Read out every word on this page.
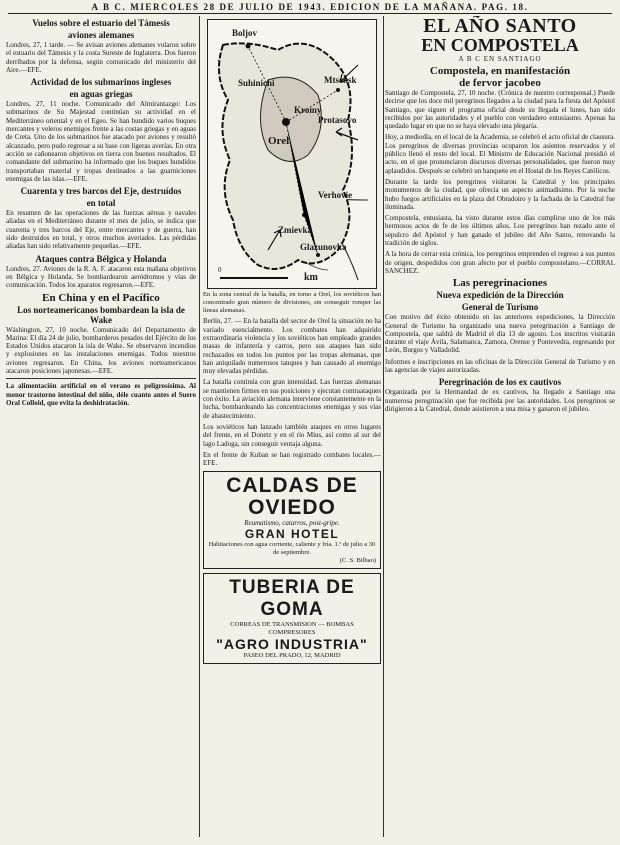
A B C. MIERCOLES 28 DE JULIO DE 1943. EDICION DE LA MAÑANA. PAG. 18.
Vuelos sobre el estuario del Támesis
aviones alemanes

Londres, 27, 1 tarde. — Se avisan aviones alemanes volaron sobre el estuario del Támesis y la costa Sureste de Inglaterra. Dos fueron derribados por la defensa, según comunicado del ministerio del Aire.—EFE.

Actividad de los submarinos ingleses
en aguas griegas

Londres, 27, 11 noche. Comunicado del Almirantazgo: Los submarinos de Su Majestad continúan su actividad en el Mediterráneo oriental y en el Egeo. Se han hundido varios buques mercantes y veleros enemigos frente a las costas griegas y en aguas de Creta. Uno de los submarinos fue atacado por aviones y resultó alcanzado, pero pudo regresar a su base con ligeras averías. En otra acción se cañonearon objetivos en tierra con buenos resultados. El comandante del submarino ha informado que los buques hundidos transportaban material y tropas destinados a las guarniciones enemigas de las islas.—EFE.

Cuarenta y tres barcos del Eje, destruídos
en total

En resumen de las operaciones de las fuerzas aéreas y navales aliadas en el Mediterráneo durante el mes de julio, se indica que cuarenta y tres barcos del Eje, entre mercantes y de guerra, han sido destruidos en total, y otros muchos averiados. Las pérdidas aliadas han sido relativamente pequeñas.—EFE.

Ataques contra Bélgica y Holanda

Londres, 27. Aviones de la R. A. F. atacaron esta mañana objetivos en Bélgica y Holanda. Se bombardearon aeródromos y vías de comunicación. Todos los aparatos regresaron.—EFE.

En China y en el Pacífico
Los norteamericanos bombardean la isla de Wake

Wáshington, 27, 10 noche. Comunicado del Departamento de Marina: El día 24 de julio, bombarderos pesados del Ejército de los Estados Unidos atacaron la isla de Wake. Se observaron incendios y explosiones en las instalaciones enemigas. Todos nuestros aviones regresaron. En China, los aviones norteamericanos atacaron posiciones japonesas.—EFE.

La alimentación artificial en el verano es peligrosísima. Al menor trastorno intestinal del niño, déle cuanto antes el Suero Oral Colloid, que evita la deshidratación.

Boljov
Mtsensk
Suhinichi
Orel
Kromy
Protasovo
Verhovie
Zmievka
Glazunovka
0
km

En la zona central de la batalla, en torno a Orel, los soviéticos han concentrado gran número de divisiones, sin conseguir romper las líneas alemanas.

Berlín, 27. — En la batalla del sector de Orel la situación no ha variado esencialmente. Los combates han adquirido extraordinaria violencia y los soviéticos han empleado grandes masas de infantería y carros, pero sus ataques han sido rechazados en todos los puntos por las tropas alemanas, que han aniquilado numerosos tanques y han causado al enemigo muy elevadas pérdidas.

La batalla continúa con gran intensidad. Las fuerzas alemanas se mantienen firmes en sus posiciones y ejecutan contraataques con éxito. La aviación alemana interviene constantemente en la lucha, bombardeando las concentraciones enemigas y sus vías de abastecimiento.

Los soviéticos han lanzado también ataques en otros lugares del frente, en el Donetz y en el río Mius, así como al sur del lago Ladoga, sin conseguir ventaja alguna.

En el frente de Kuban se han registrado combates locales.—EFE.

CALDAS DE OVIEDO
Reumatismo, catarros, post-gripe.
GRAN HOTEL
Habitaciones con agua corriente, caliente y fría. 1.º de julio a 30 de septiembre.
(C. S. Bilbao)
TUBERIA DE GOMA
CORREAS DE TRANSMISION — BOMBAS COMPRESORES
"AGRO INDUSTRIA"
PASEO DEL PRADO, 12, MADRID
EL AÑO SANTO
EN COMPOSTELA
A B C EN SANTIAGO
Compostela, en manifestación
de fervor jacobeo

Santiago de Compostela, 27, 10 noche. (Crónica de nuestro corresponsal.) Puede decirse que los doce mil peregrinos llegados a la ciudad para la fiesta del Apóstol Santiago, que siguen el programa oficial desde su llegada el lunes, han sido recibidos por las autoridades y el pueblo con verdadero entusiasmo. Apenas ha quedado lugar en que no se haya elevado una plegaria.

Hoy, a mediodía, en el local de la Academia, se celebró el acto oficial de clausura. Los peregrinos de diversas provincias ocuparon los asientos reservados y el público llenó el resto del local. El Ministro de Educación Nacional presidió el acto, en el que pronunciaron discursos diversas personalidades, que fueron muy aplaudidos. Después se celebró un banquete en el Hostal de los Reyes Católicos.

Durante la tarde los peregrinos visitaron la Catedral y los principales monumentos de la ciudad, que ofrecía un aspecto animadísimo. Por la noche hubo fuegos artificiales en la plaza del Obradoiro y la fachada de la Catedral fue iluminada.

Compostela, entusiasta, ha visto durante estos días cumplirse uno de los más hermosos actos de fe de los últimos años. Los peregrinos han rezado ante el sepulcro del Apóstol y han ganado el jubileo del Año Santo, renovando la tradición de siglos.

A la hora de cerrar esta crónica, los peregrinos emprenden el regreso a sus puntos de origen, despedidos con gran afecto por el pueblo compostelano.—CORRAL SANCHEZ.

Las peregrinaciones
Nueva expedición de la Dirección
General de Turismo

Con motivo del éxito obtenido en las anteriores expediciones, la Dirección General de Turismo ha organizado una nueva peregrinación a Santiago de Compostela, que saldrá de Madrid el día 13 de agosto. Los inscritos visitarán durante el viaje Ávila, Salamanca, Zamora, Orense y Pontevedra, regresando por León, Burgos y Valladolid.

Informes e inscripciones en las oficinas de la Dirección General de Turismo y en las agencias de viajes autorizadas.

Peregrinación de los ex cautivos

Organizada por la Hermandad de ex cautivos, ha llegado a Santiago una numerosa peregrinación que fue recibida por las autoridades. Los peregrinos se dirigieron a la Catedral, donde asistieron a una misa y ganaron el jubileo.
